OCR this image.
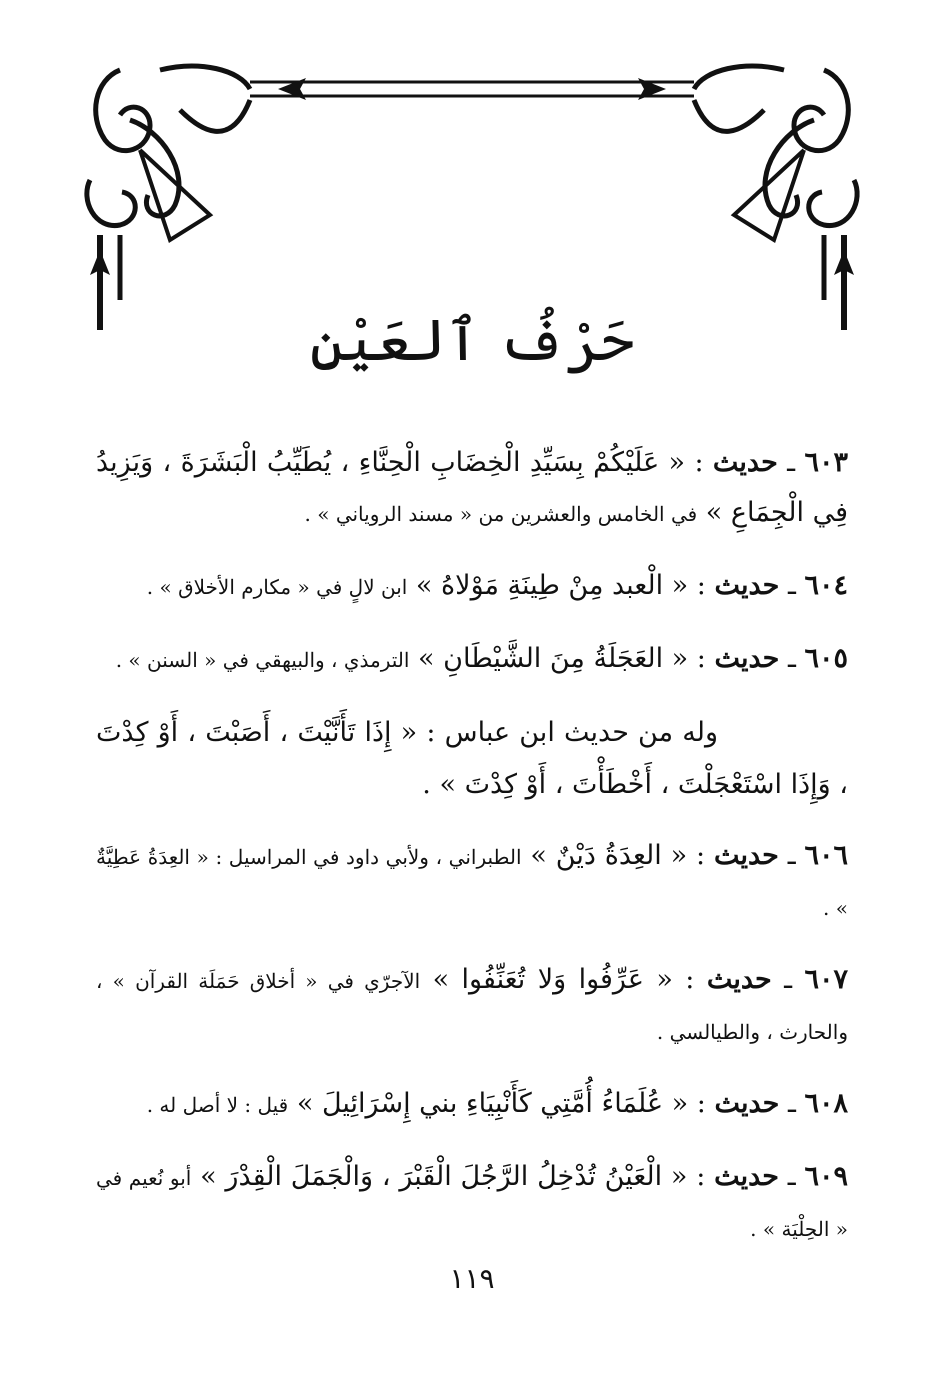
حَرْفُ ٱلعَيْنِ
٦٠٣ ـ حديث : « عَلَيْكُمْ بِسَيِّدِ الْخِضَابِ الْحِنَّاءِ ، يُطَيِّبُ الْبَشَرَةَ ، وَيَزِيدُ فِي الْجِمَاعِ » في الخامس والعشرين من « مسند الروياني » .
٦٠٤ ـ حديث : « الْعبد مِنْ طِينَةِ مَوْلاهُ » ابن لالٍ في « مكارم الأخلاق » .
٦٠٥ ـ حديث : « العَجَلَةُ مِنَ الشَّيْطَانِ » الترمذي ، والبيهقي في « السنن » .
وله من حديث ابن عباس : « إِذَا تَأَنَّيْتَ ، أَصَبْتَ ، أَوْ كِدْتَ ، وَإِذَا اسْتَعْجَلْتَ ، أَخْطَأْتَ ، أَوْ كِدْتَ » .
٦٠٦ ـ حديث : « العِدَةُ دَيْنٌ » الطبراني ، ولأبي داود في المراسيل : « العِدَةُ عَطِيَّةٌ » .
٦٠٧ ـ حديث : « عَرِّفُوا وَلا تُعَنِّفُوا » الآجرّي في « أخلاق حَمَلَة القرآن » ، والحارث ، والطيالسي .
٦٠٨ ـ حديث : « عُلَمَاءُ أُمَّتِي كَأَنْبِيَاءِ بني إِسْرَائِيلَ » قيل : لا أصل له .
٦٠٩ ـ حديث : « الْعَيْنُ تُدْخِلُ الرَّجُلَ الْقَبْرَ ، وَالْجَمَلَ الْقِدْرَ » أبو نُعيم في « الحِلْيَة » .
١١٩
